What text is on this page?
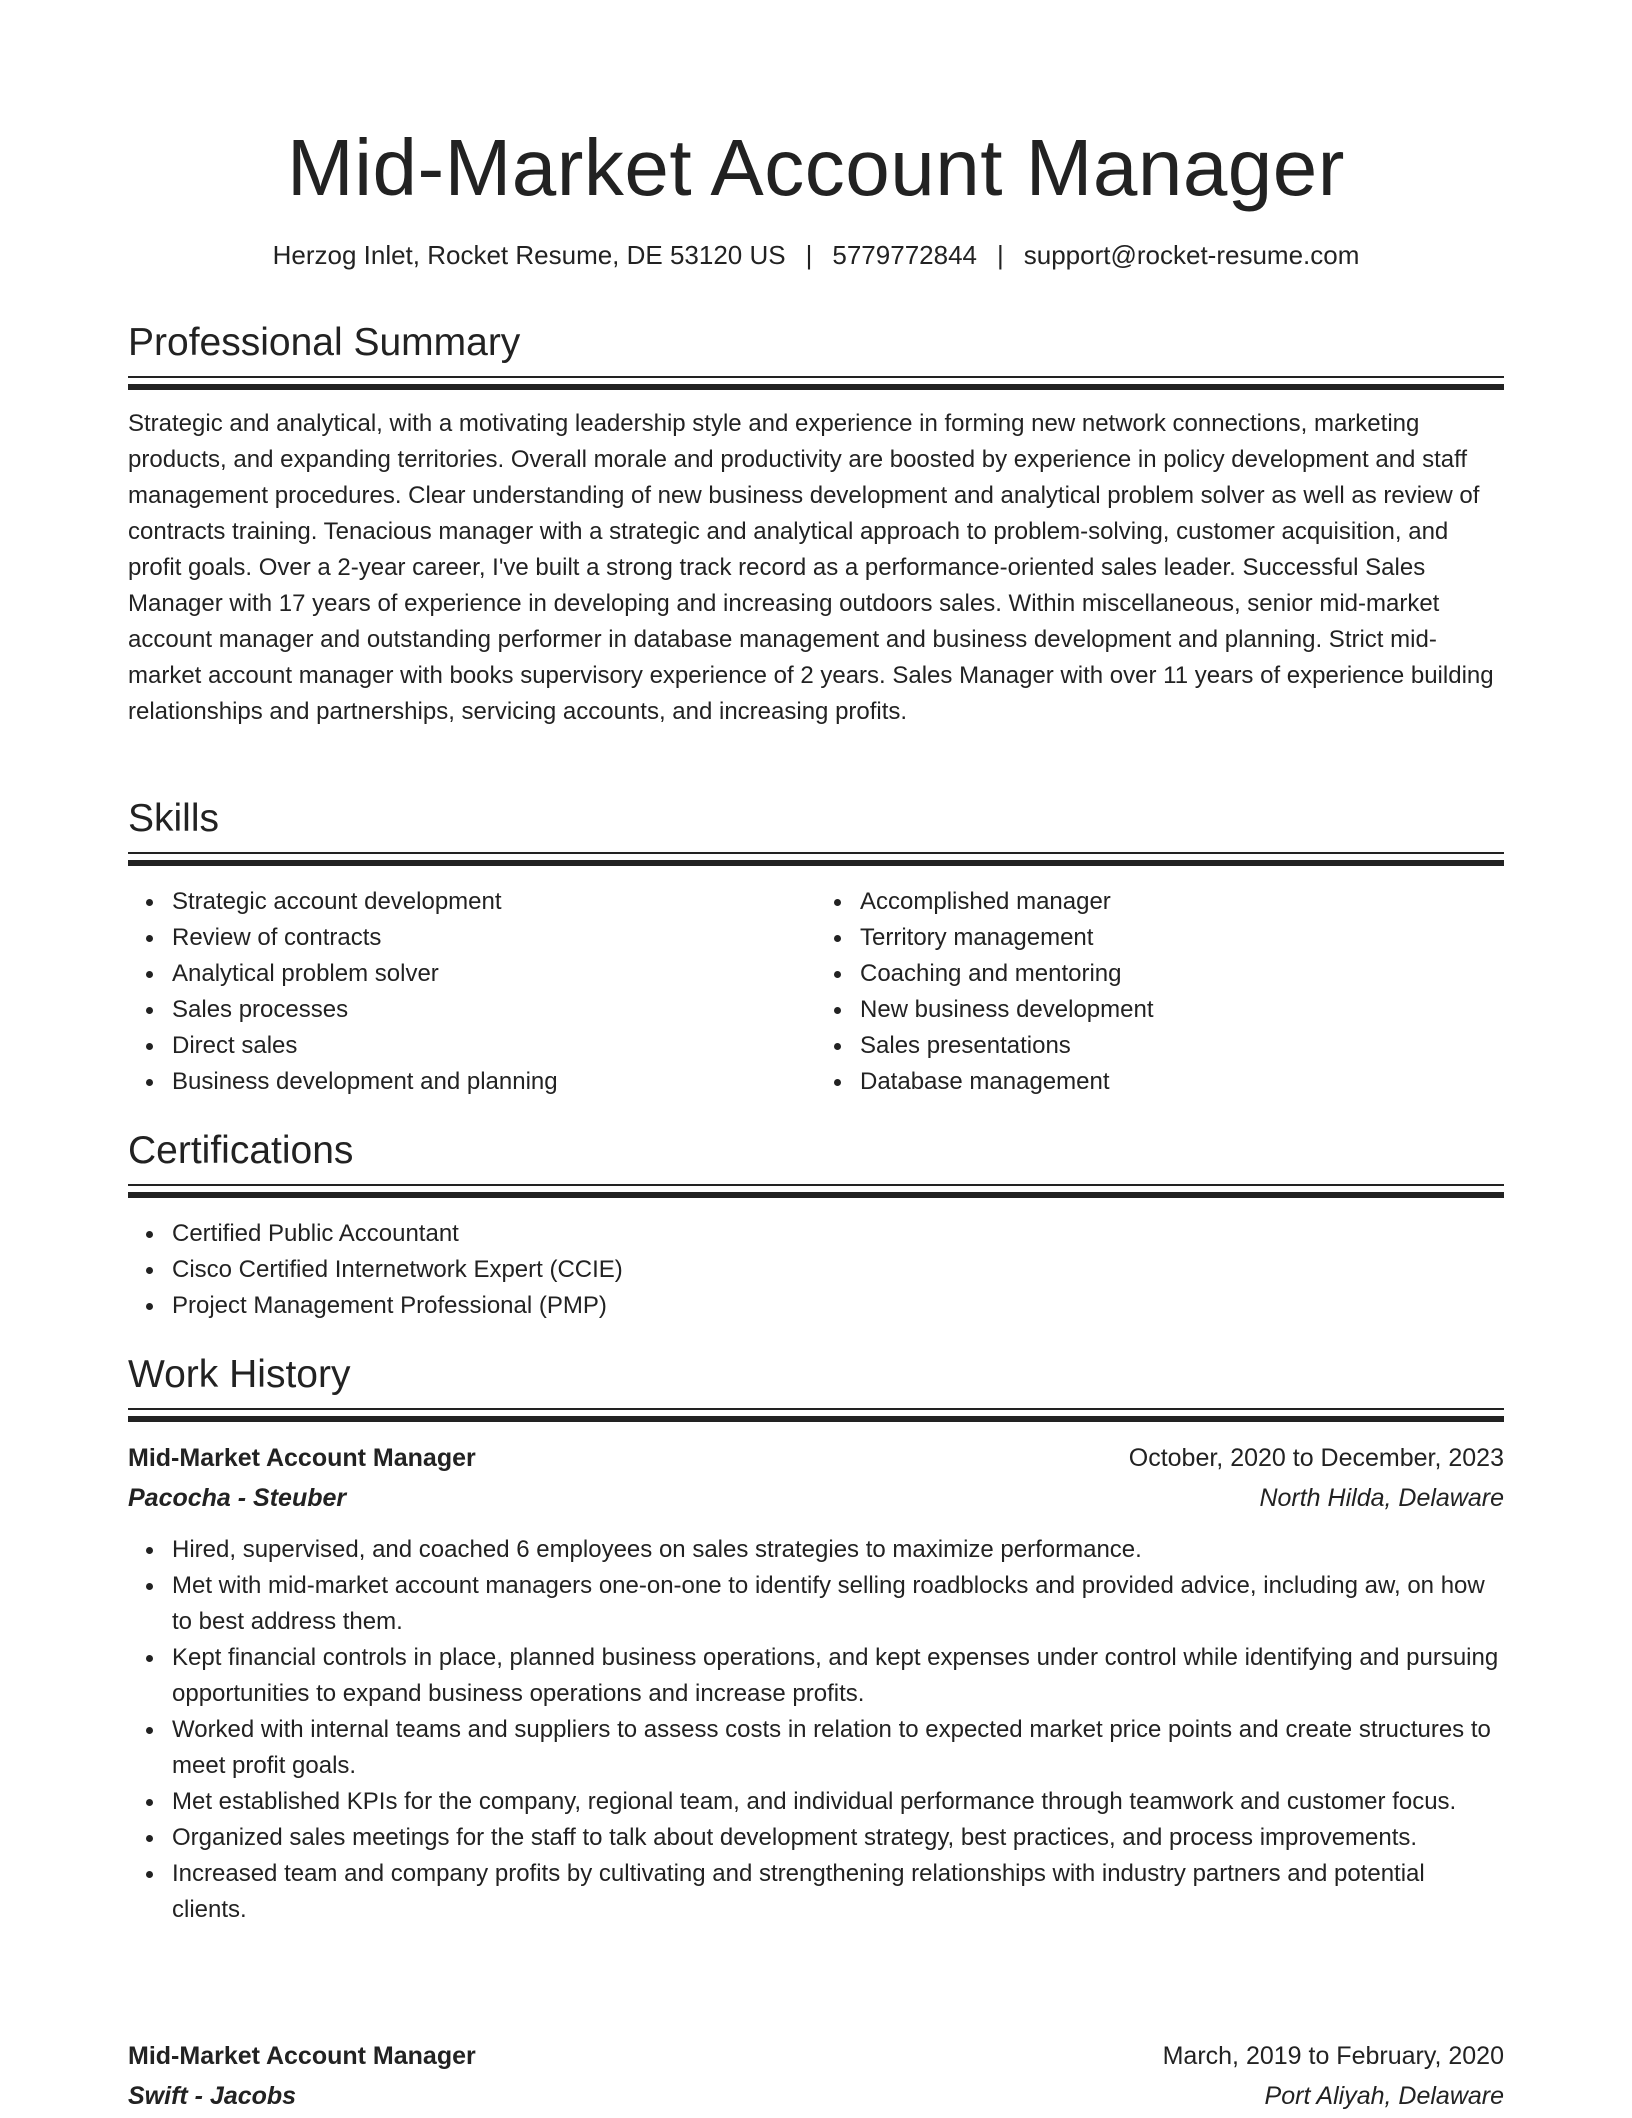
Mid-Market Account Manager
Herzog Inlet, Rocket Resume, DE 53120 US | 5779772844 | support@rocket-resume.com
Professional Summary
Strategic and analytical, with a motivating leadership style and experience in forming new network connections, marketing products, and expanding territories. Overall morale and productivity are boosted by experience in policy development and staff management procedures. Clear understanding of new business development and analytical problem solver as well as review of contracts training. Tenacious manager with a strategic and analytical approach to problem-solving, customer acquisition, and profit goals. Over a 2-year career, I've built a strong track record as a performance-oriented sales leader. Successful Sales Manager with 17 years of experience in developing and increasing outdoors sales. Within miscellaneous, senior mid-market account manager and outstanding performer in database management and business development and planning. Strict mid-market account manager with books supervisory experience of 2 years. Sales Manager with over 11 years of experience building relationships and partnerships, servicing accounts, and increasing profits.
Skills
Strategic account development
Review of contracts
Analytical problem solver
Sales processes
Direct sales
Business development and planning
Accomplished manager
Territory management
Coaching and mentoring
New business development
Sales presentations
Database management
Certifications
Certified Public Accountant
Cisco Certified Internetwork Expert (CCIE)
Project Management Professional (PMP)
Work History
Mid-Market Account Manager	October, 2020 to December, 2023
Pacocha - Steuber	North Hilda, Delaware
Hired, supervised, and coached 6 employees on sales strategies to maximize performance.
Met with mid-market account managers one-on-one to identify selling roadblocks and provided advice, including aw, on how to best address them.
Kept financial controls in place, planned business operations, and kept expenses under control while identifying and pursuing opportunities to expand business operations and increase profits.
Worked with internal teams and suppliers to assess costs in relation to expected market price points and create structures to meet profit goals.
Met established KPIs for the company, regional team, and individual performance through teamwork and customer focus.
Organized sales meetings for the staff to talk about development strategy, best practices, and process improvements.
Increased team and company profits by cultivating and strengthening relationships with industry partners and potential clients.
Mid-Market Account Manager	March, 2019 to February, 2020
Swift - Jacobs	Port Aliyah, Delaware
